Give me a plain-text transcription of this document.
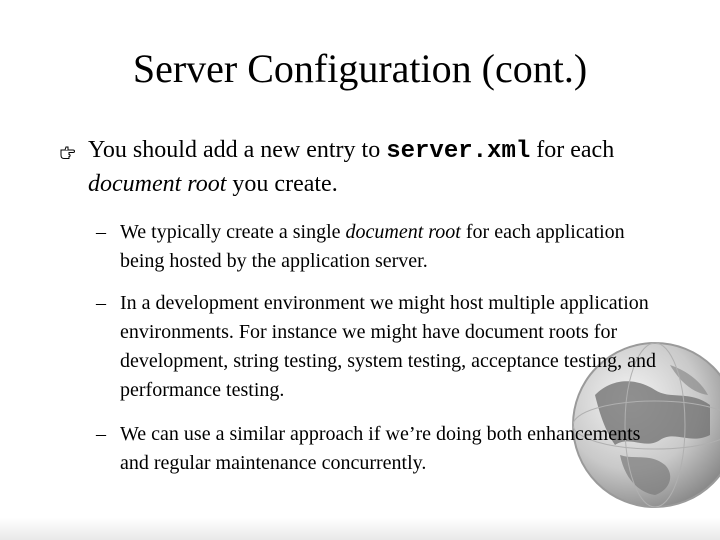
Server Configuration (cont.)
You should add a new entry to server.xml for each document root you create.
– We typically create a single document root for each application being hosted by the application server.
– In a development environment we might host multiple application environments. For instance we might have document roots for development, string testing, system testing, acceptance testing, and performance testing.
– We can use a similar approach if we’re doing both enhancements and regular maintenance concurrently.
